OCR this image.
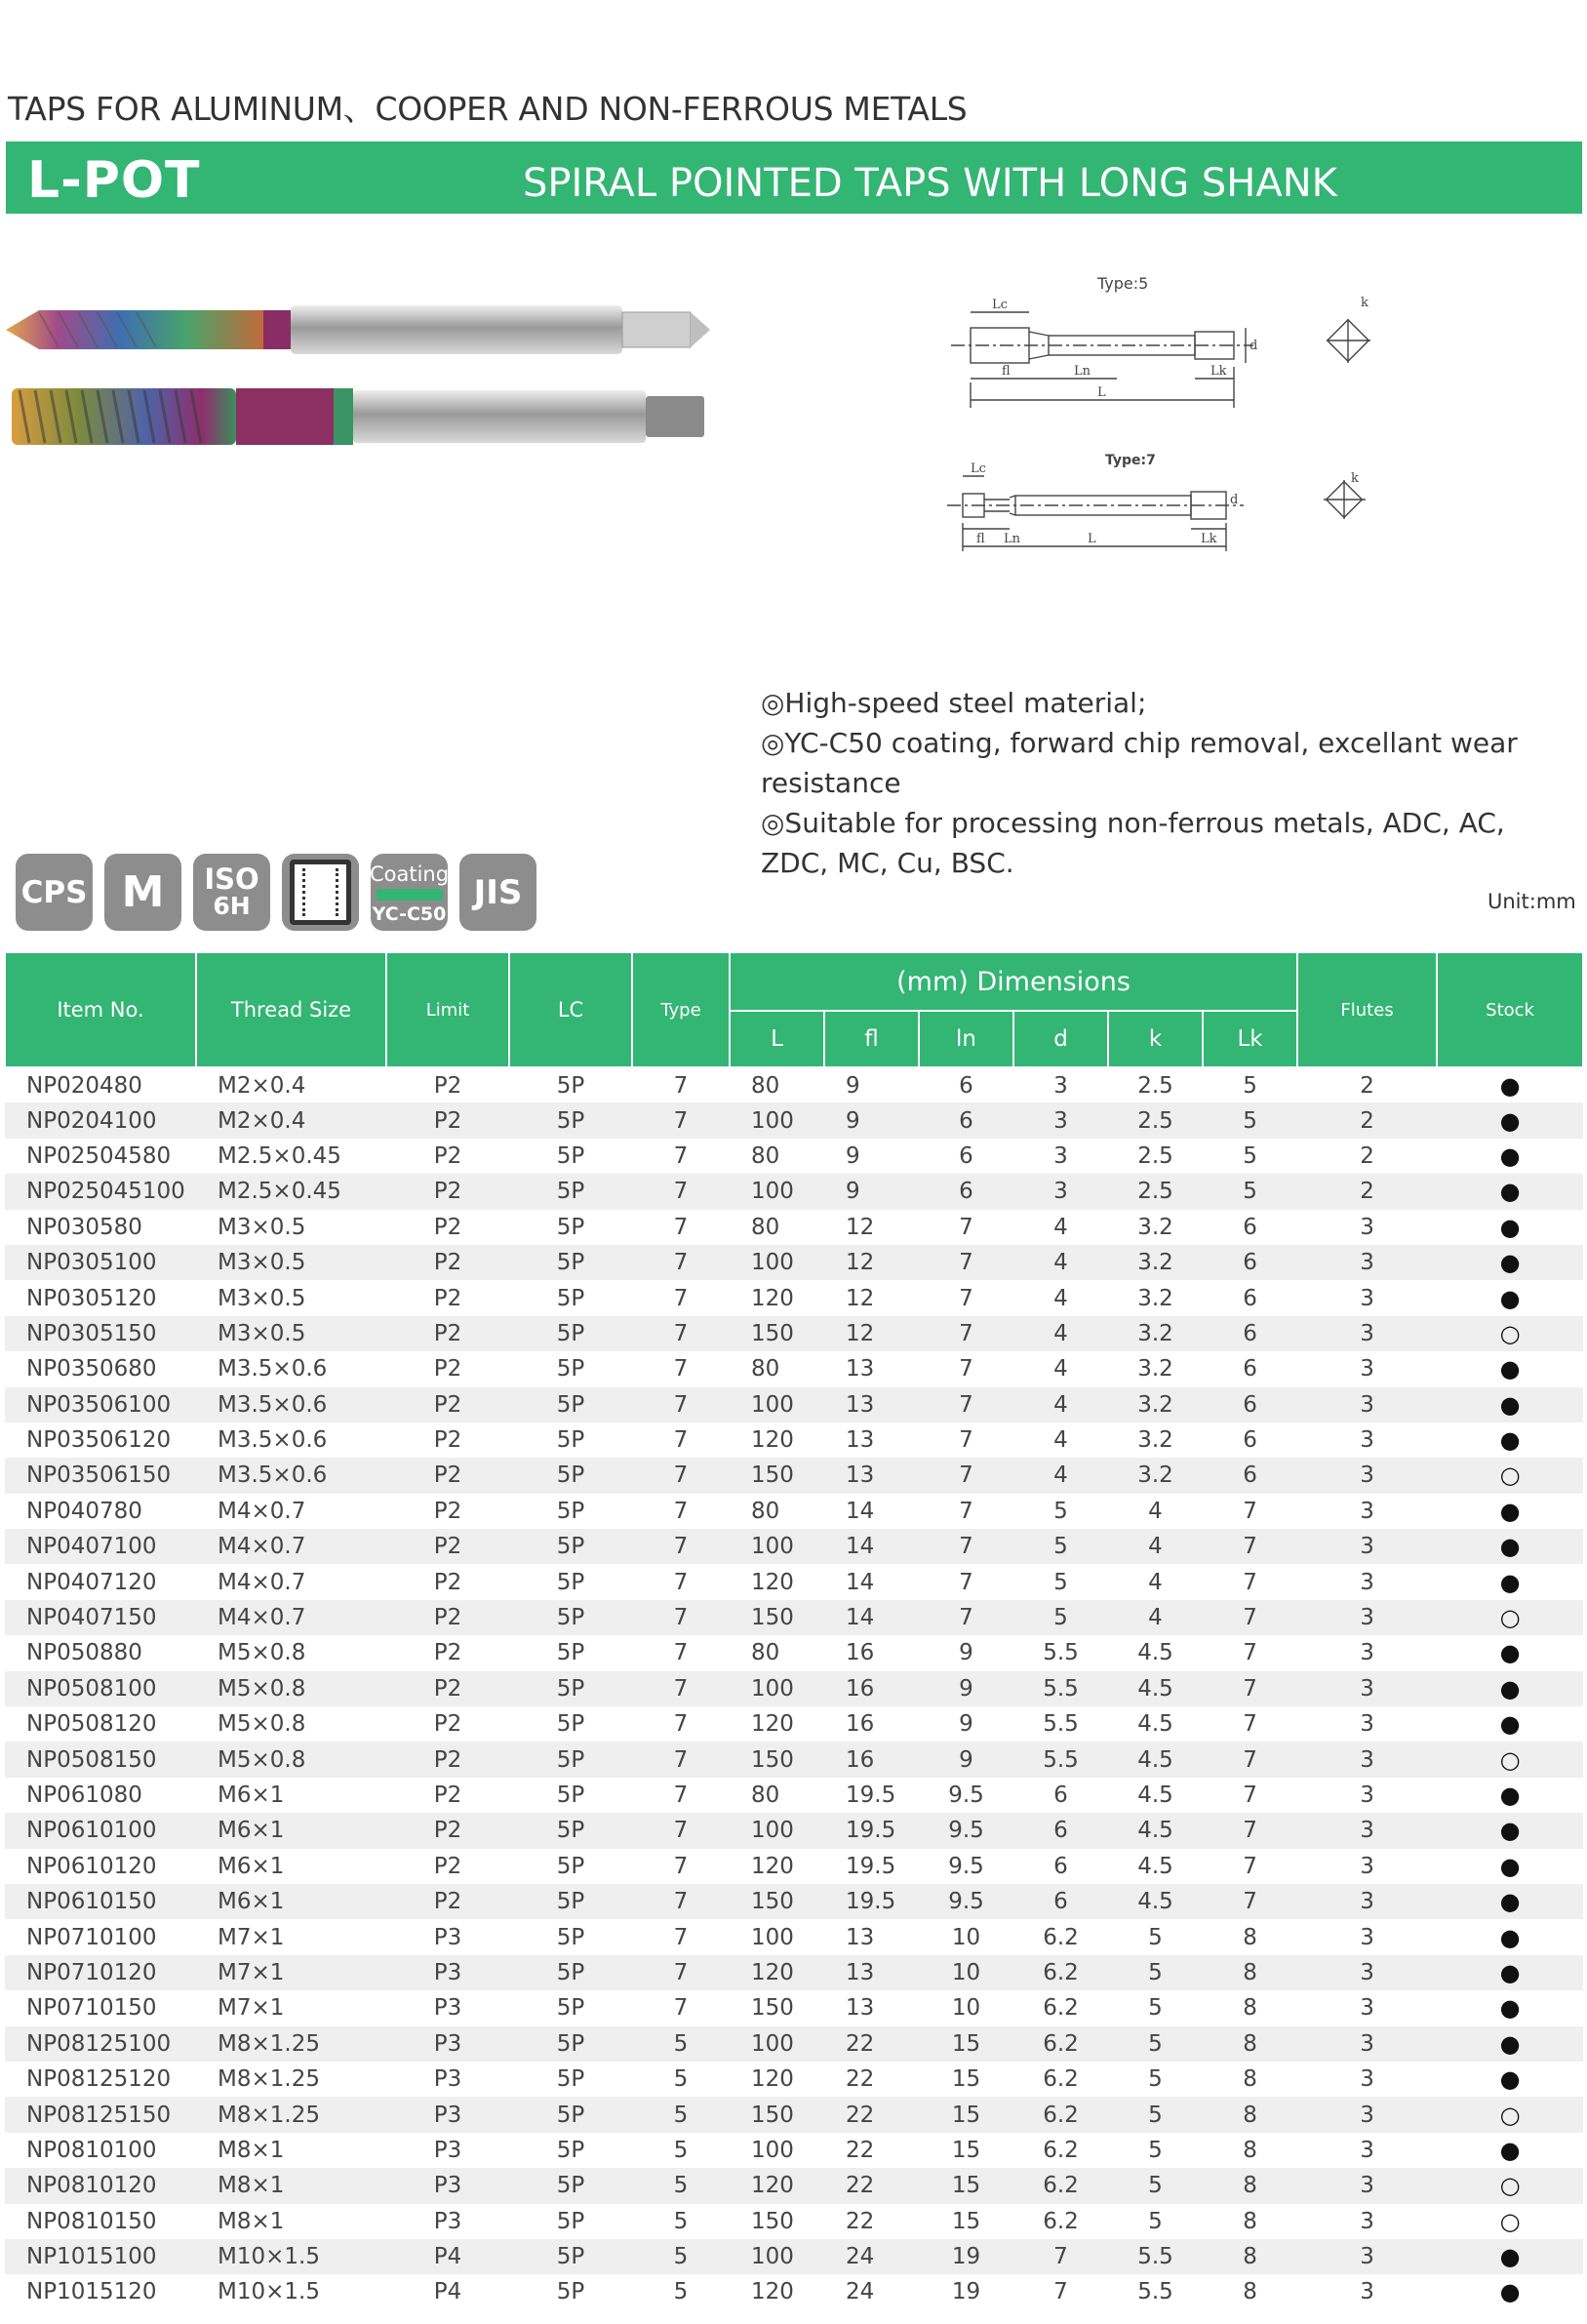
TAPS FOR ALUMINUM、COOPER AND NON-FERROUS METALS
L-POT	SPIRAL POINTED TAPS WITH LONG SHANK
Type:5
Lc
fl	Ln
L
Lk
d
k
Type:7
Lc
fl Ln	L	Lk
d
k
◎High-speed steel material;
◎YC-C50 coating, forward chip removal, excellant wear resistance
◎Suitable for processing non-ferrous metals, ADC, AC, ZDC, MC, Cu, BSC.
CPS M	ISO
6H
Coating
YC-C50
JIS	Unit:mm
Item No.	Thread Size	Limit	LC	Type	(mm) Dimensions						Flutes	Stock
					L	fl	ln	d	k	Lk		
NP020480	M2×0.4	P2	5P	7	80	9	6	3	2.5	5	2	●
NP0204100	M2×0.4	P2	5P	7	100	9	6	3	2.5	5	2	●
NP02504580	M2.5×0.45	P2	5P	7	80	9	6	3	2.5	5	2	●
NP025045100	M2.5×0.45	P2	5P	7	100	9	6	3	2.5	5	2	●
NP030580	M3×0.5	P2	5P	7	80	12	7	4	3.2	6	3	●
NP0305100	M3×0.5	P2	5P	7	100	12	7	4	3.2	6	3	●
NP0305120	M3×0.5	P2	5P	7	120	12	7	4	3.2	6	3	●
NP0305150	M3×0.5	P2	5P	7	150	12	7	4	3.2	6	3	○
NP0350680	M3.5×0.6	P2	5P	7	80	13	7	4	3.2	6	3	●
NP03506100	M3.5×0.6	P2	5P	7	100	13	7	4	3.2	6	3	●
NP03506120	M3.5×0.6	P2	5P	7	120	13	7	4	3.2	6	3	●
NP03506150	M3.5×0.6	P2	5P	7	150	13	7	4	3.2	6	3	○
NP040780	M4×0.7	P2	5P	7	80	14	7	5	4	7	3	●
NP0407100	M4×0.7	P2	5P	7	100	14	7	5	4	7	3	●
NP0407120	M4×0.7	P2	5P	7	120	14	7	5	4	7	3	●
NP0407150	M4×0.7	P2	5P	7	150	14	7	5	4	7	3	○
NP050880	M5×0.8	P2	5P	7	80	16	9	5.5	4.5	7	3	●
NP0508100	M5×0.8	P2	5P	7	100	16	9	5.5	4.5	7	3	●
NP0508120	M5×0.8	P2	5P	7	120	16	9	5.5	4.5	7	3	●
NP0508150	M5×0.8	P2	5P	7	150	16	9	5.5	4.5	7	3	○
NP061080	M6×1	P2	5P	7	80	19.5	9.5	6	4.5	7	3	●
NP0610100	M6×1	P2	5P	7	100	19.5	9.5	6	4.5	7	3	●
NP0610120	M6×1	P2	5P	7	120	19.5	9.5	6	4.5	7	3	●
NP0610150	M6×1	P2	5P	7	150	19.5	9.5	6	4.5	7	3	●
NP0710100	M7×1	P3	5P	7	100	13	10	6.2	5	8	3	●
NP0710120	M7×1	P3	5P	7	120	13	10	6.2	5	8	3	●
NP0710150	M7×1	P3	5P	7	150	13	10	6.2	5	8	3	●
NP08125100	M8×1.25	P3	5P	5	100	22	15	6.2	5	8	3	●
NP08125120	M8×1.25	P3	5P	5	120	22	15	6.2	5	8	3	●
NP08125150	M8×1.25	P3	5P	5	150	22	15	6.2	5	8	3	○
NP0810100	M8×1	P3	5P	5	100	22	15	6.2	5	8	3	●
NP0810120	M8×1	P3	5P	5	120	22	15	6.2	5	8	3	○
NP0810150	M8×1	P3	5P	5	150	22	15	6.2	5	8	3	○
NP1015100	M10×1.5	P4	5P	5	100	24	19	7	5.5	8	3	●
NP1015120	M10×1.5	P4	5P	5	120	24	19	7	5.5	8	3	●
